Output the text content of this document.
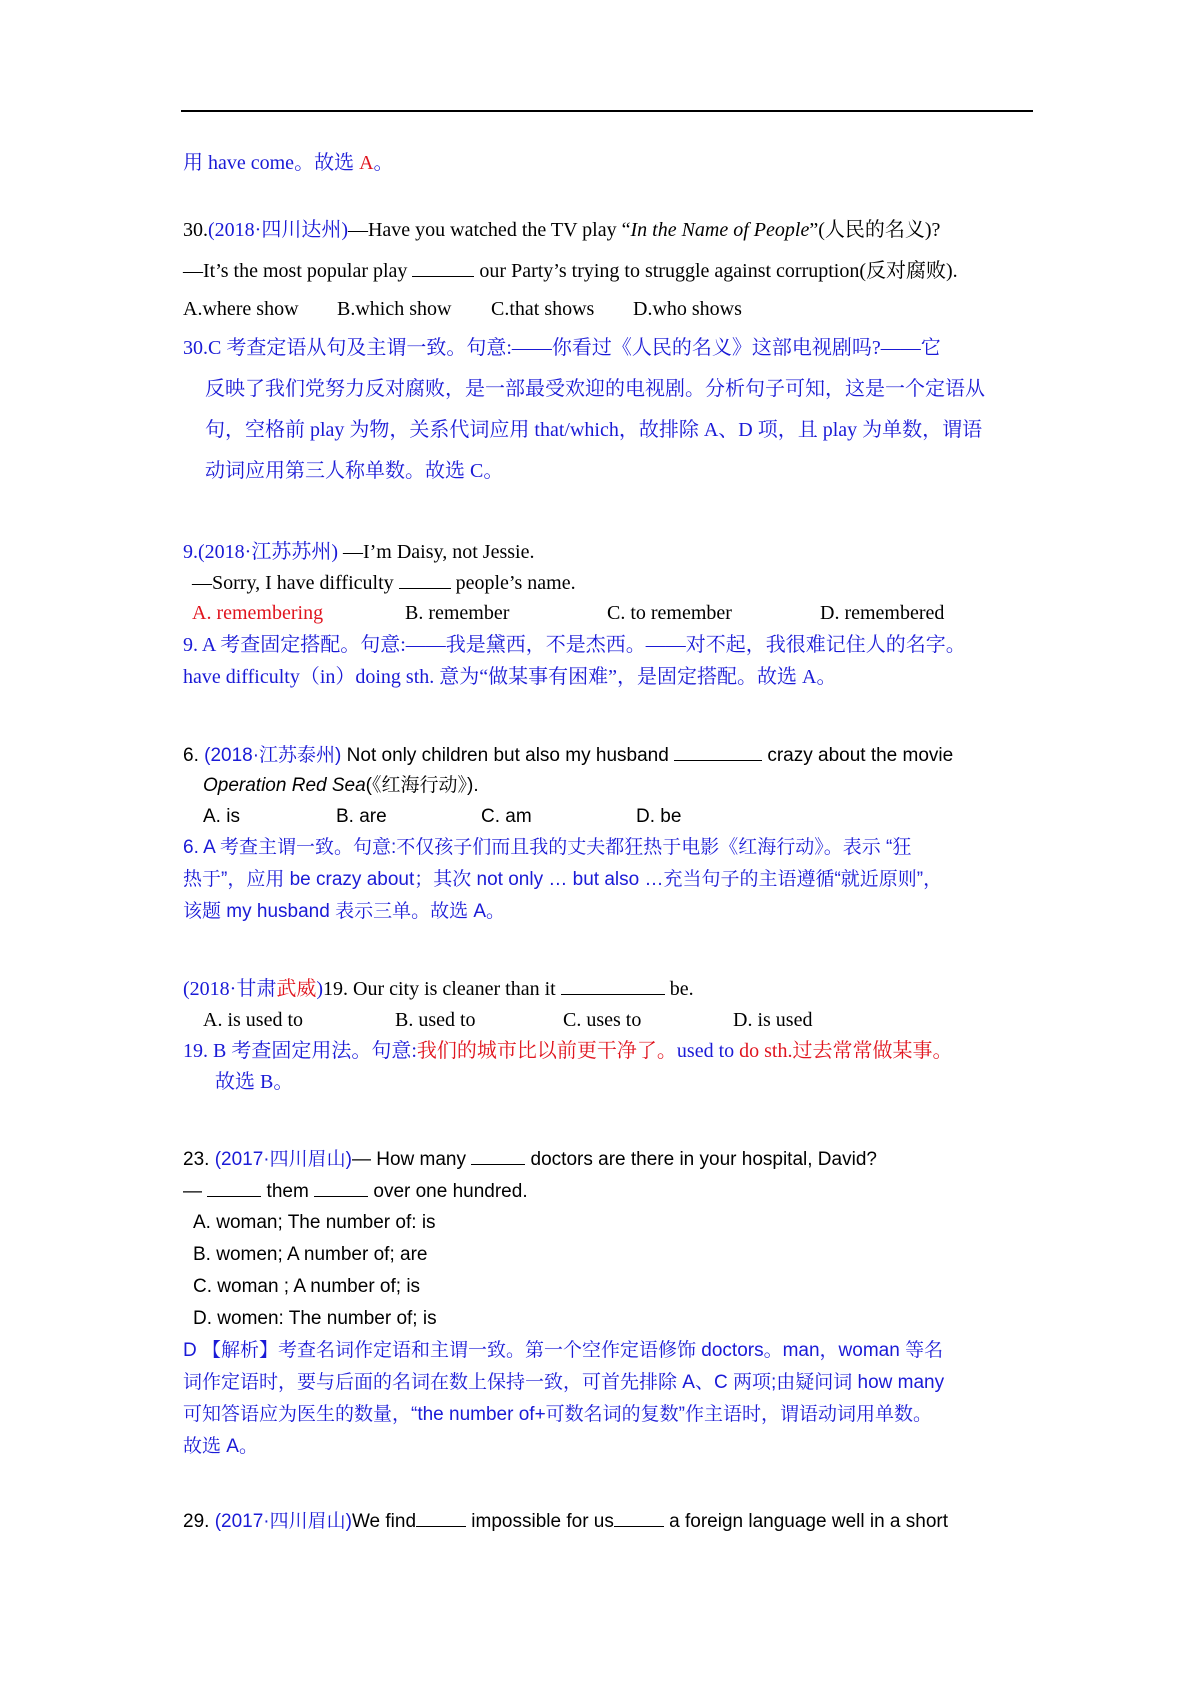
用 have come。故选 A。
30.(2018·四川达州)—Have you watched the TV play “In the Name of People”(人民的名义)?
—It’s the most popular play	our Party’s trying to struggle against corruption(反对腐败).
A.where show B.which show C.that shows D.who shows
30.C 考查定语从句及主谓一致。句意:——你看过《人民的名义》这部电视剧吗?——它
反映了我们党努力反对腐败，是一部最受欢迎的电视剧。分析句子可知，这是一个定语从
句，空格前 play 为物，关系代词应用 that/which，故排除 A、D 项，且 play 为单数，谓语
动词应用第三人称单数。故选 C。
9.(2018·江苏苏州) —I’m Daisy, not Jessie.
—Sorry, I have difficulty	people’s name.
A. remembering	B. remember	C. to remember	D. remembered
9. A 考查固定搭配。句意:——我是黛西，不是杰西。——对不起，我很难记住人的名字。
have difficulty（in）doing sth. 意为“做某事有困难”，是固定搭配。故选 A。
6. (2018·江苏泰州) Not only children but also my husband	crazy about the movie
Operation Red Sea(《红海行动》).
A. is	B. are	C. am	D. be
6. A 考查主谓一致。句意:不仅孩子们而且我的丈夫都狂热于电影《红海行动》。表示 “狂
热于”，应用 be crazy about；其次 not only … but also …充当句子的主语遵循“就近原则”，
该题 my husband 表示三单。故选 A。
(2018·甘肃武威)19. Our city is cleaner than it	be.
A. is used to	B. used to	C. uses to	D. is used
19. B 考查固定用法。句意:我们的城市比以前更干净了。used to do sth.过去常常做某事。
故选 B。
23. (2017·四川眉山)— How many	doctors are there in your hospital, David?
—	them	over one hundred.
A. woman; The number of: is
B. women; A number of; are
C. woman ; A number of; is
D. women: The number of; is
D 【解析】考查名词作定语和主谓一致。第一个空作定语修饰 doctors。man，woman 等名
词作定语时，要与后面的名词在数上保持一致，可首先排除 A、C 两项;由疑问词 how many
可知答语应为医生的数量，“the number of+可数名词的复数”作主语时，谓语动词用单数。
故选 A。
29. (2017·四川眉山)We find	impossible for us	a foreign language well in a short
